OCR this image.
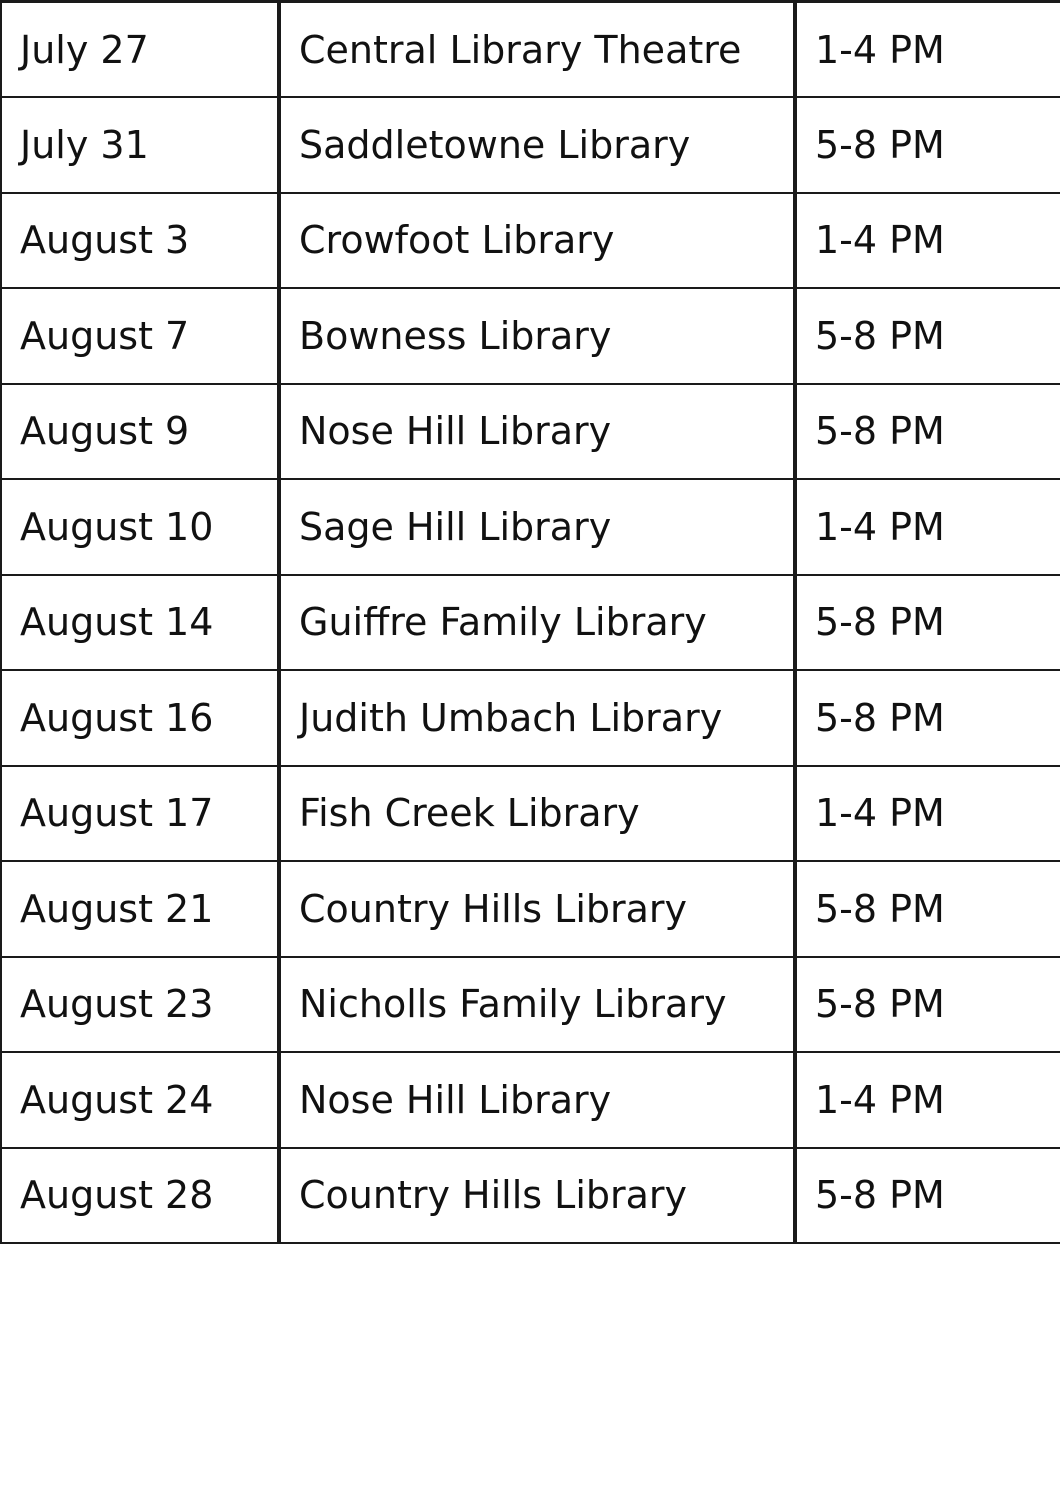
July 27	Central Library Theatre	1-4 PM
July 31	Saddletowne Library	5-8 PM
August 3	Crowfoot Library	1-4 PM
August 7	Bowness Library	5-8 PM
August 9	Nose Hill Library	5-8 PM
August 10	Sage Hill Library	1-4 PM
August 14	Guiffre Family Library	5-8 PM
August 16	Judith Umbach Library	5-8 PM
August 17	Fish Creek Library	1-4 PM
August 21	Country Hills Library	5-8 PM
August 23	Nicholls Family Library	5-8 PM
August 24	Nose Hill Library	1-4 PM
August 28	Country Hills Library	5-8 PM
